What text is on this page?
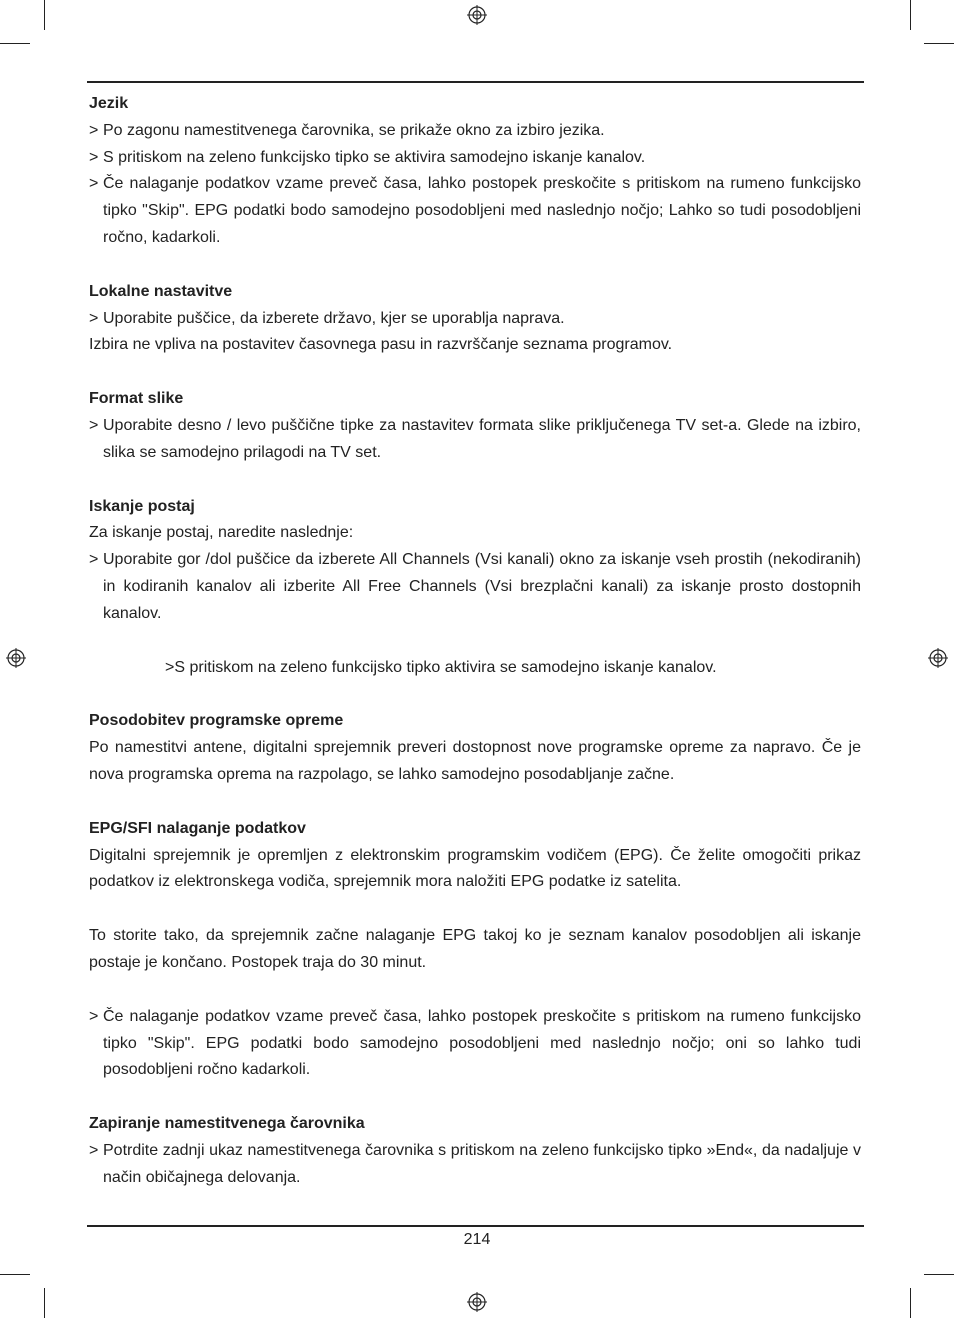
Jezik

> Po zagonu namestitvenega čarovnika, se prikaže okno za izbiro jezika.

> S pritiskom na zeleno funkcijsko tipko se aktivira samodejno iskanje kanalov.

> Če nalaganje podatkov vzame preveč časa, lahko postopek preskočite s pritiskom na rumeno funkcijsko tipko "Skip". EPG podatki bodo samodejno posodobljeni med naslednjo nočjo; Lahko so tudi posodobljeni ročno, kadarkoli.

Lokalne nastavitve

> Uporabite puščice, da izberete državo, kjer se uporablja naprava.

Izbira ne vpliva na postavitev časovnega pasu in razvrščanje seznama programov.

Format slike

> Uporabite desno / levo puščične tipke za nastavitev formata slike priključenega TV set-a. Glede na izbiro, slika se samodejno prilagodi na TV set.

Iskanje postaj

Za iskanje postaj, naredite naslednje:

> Uporabite gor /dol puščice da izberete All Channels (Vsi kanali) okno za iskanje vseh prostih (nekodiranih) in kodiranih kanalov ali izberite All Free Channels (Vsi brezplačni kanali) za iskanje prosto dostopnih kanalov.

>S pritiskom na zeleno funkcijsko tipko aktivira se samodejno iskanje kanalov.

Posodobitev programske opreme

Po namestitvi antene, digitalni sprejemnik preveri dostopnost nove programske opreme za napravo. Če je nova programska oprema na razpolago, se lahko samodejno posodabljanje začne.

EPG/SFI nalaganje podatkov

Digitalni sprejemnik je opremljen z elektronskim programskim vodičem (EPG). Če želite omogočiti prikaz podatkov iz elektronskega vodiča, sprejemnik mora naložiti EPG podatke iz satelita.

To storite tako, da sprejemnik začne nalaganje EPG takoj ko je seznam kanalov posodobljen ali iskanje postaje je končano. Postopek traja do 30 minut.

> Če nalaganje podatkov vzame preveč časa, lahko postopek preskočite s pritiskom na rumeno funkcijsko tipko "Skip". EPG podatki bodo samodejno posodobljeni med naslednjo nočjo; oni so lahko tudi posodobljeni ročno kadarkoli.

Zapiranje namestitvenega čarovnika

> Potrdite zadnji ukaz namestitvenega čarovnika s pritiskom na zeleno funkcijsko tipko »End«, da nadaljuje v način običajnega delovanja.

214
